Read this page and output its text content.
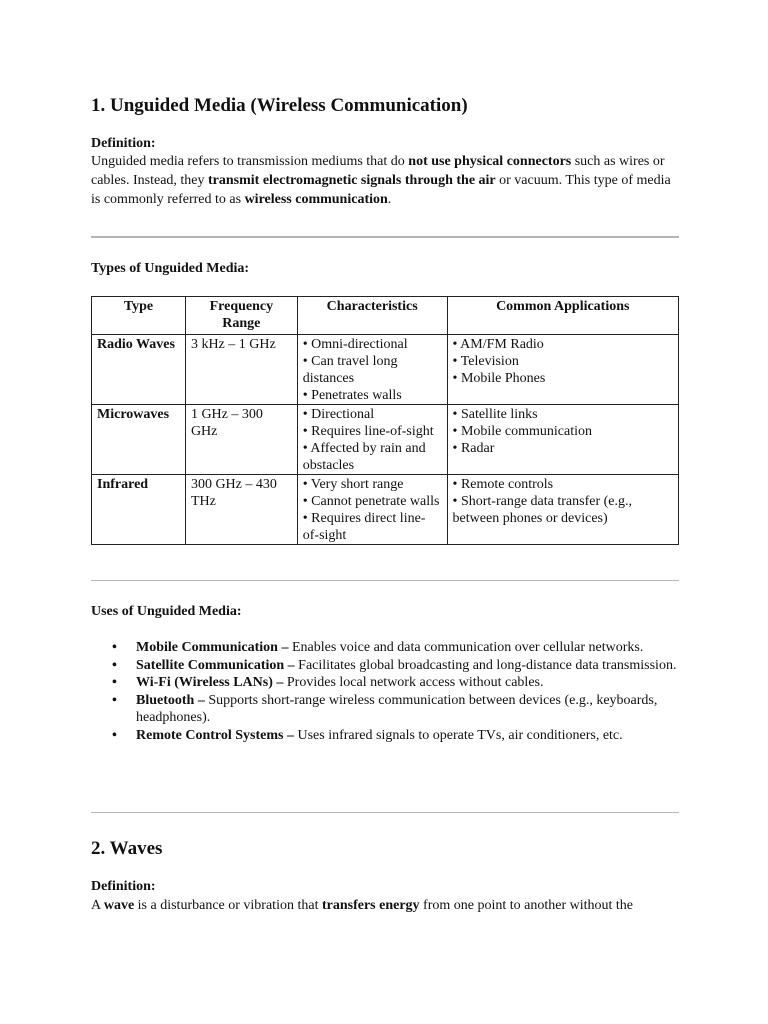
1. Unguided Media (Wireless Communication)

Definition:

Unguided media refers to transmission mediums that do not use physical connectors such as wires or cables. Instead, they transmit electromagnetic signals through the air or vacuum. This type of media is commonly referred to as wireless communication.

Types of Unguided Media:

Type	Frequency Range	Characteristics	Common Applications
Radio Waves	3 kHz – 1 GHz	• Omni-directional
• Can travel long distances
• Penetrates walls	• AM/FM Radio
• Television
• Mobile Phones

Microwaves	1 GHz – 300 GHz	• Directional
• Requires line-of-sight
• Affected by rain and obstacles	• Satellite links
• Mobile communication
• Radar

Infrared	300 GHz – 430 THz	• Very short range
• Cannot penetrate walls
• Requires direct line-of-sight	• Remote controls
• Short-range data transfer (e.g., between phones or devices)

Uses of Unguided Media:

• Mobile Communication – Enables voice and data communication over cellular networks.
• Satellite Communication – Facilitates global broadcasting and long-distance data transmission.
• Wi-Fi (Wireless LANs) – Provides local network access without cables.
• Bluetooth – Supports short-range wireless communication between devices (e.g., keyboards, headphones).
• Remote Control Systems – Uses infrared signals to operate TVs, air conditioners, etc.
2. Waves

Definition:

A wave is a disturbance or vibration that transfers energy from one point to another without the
